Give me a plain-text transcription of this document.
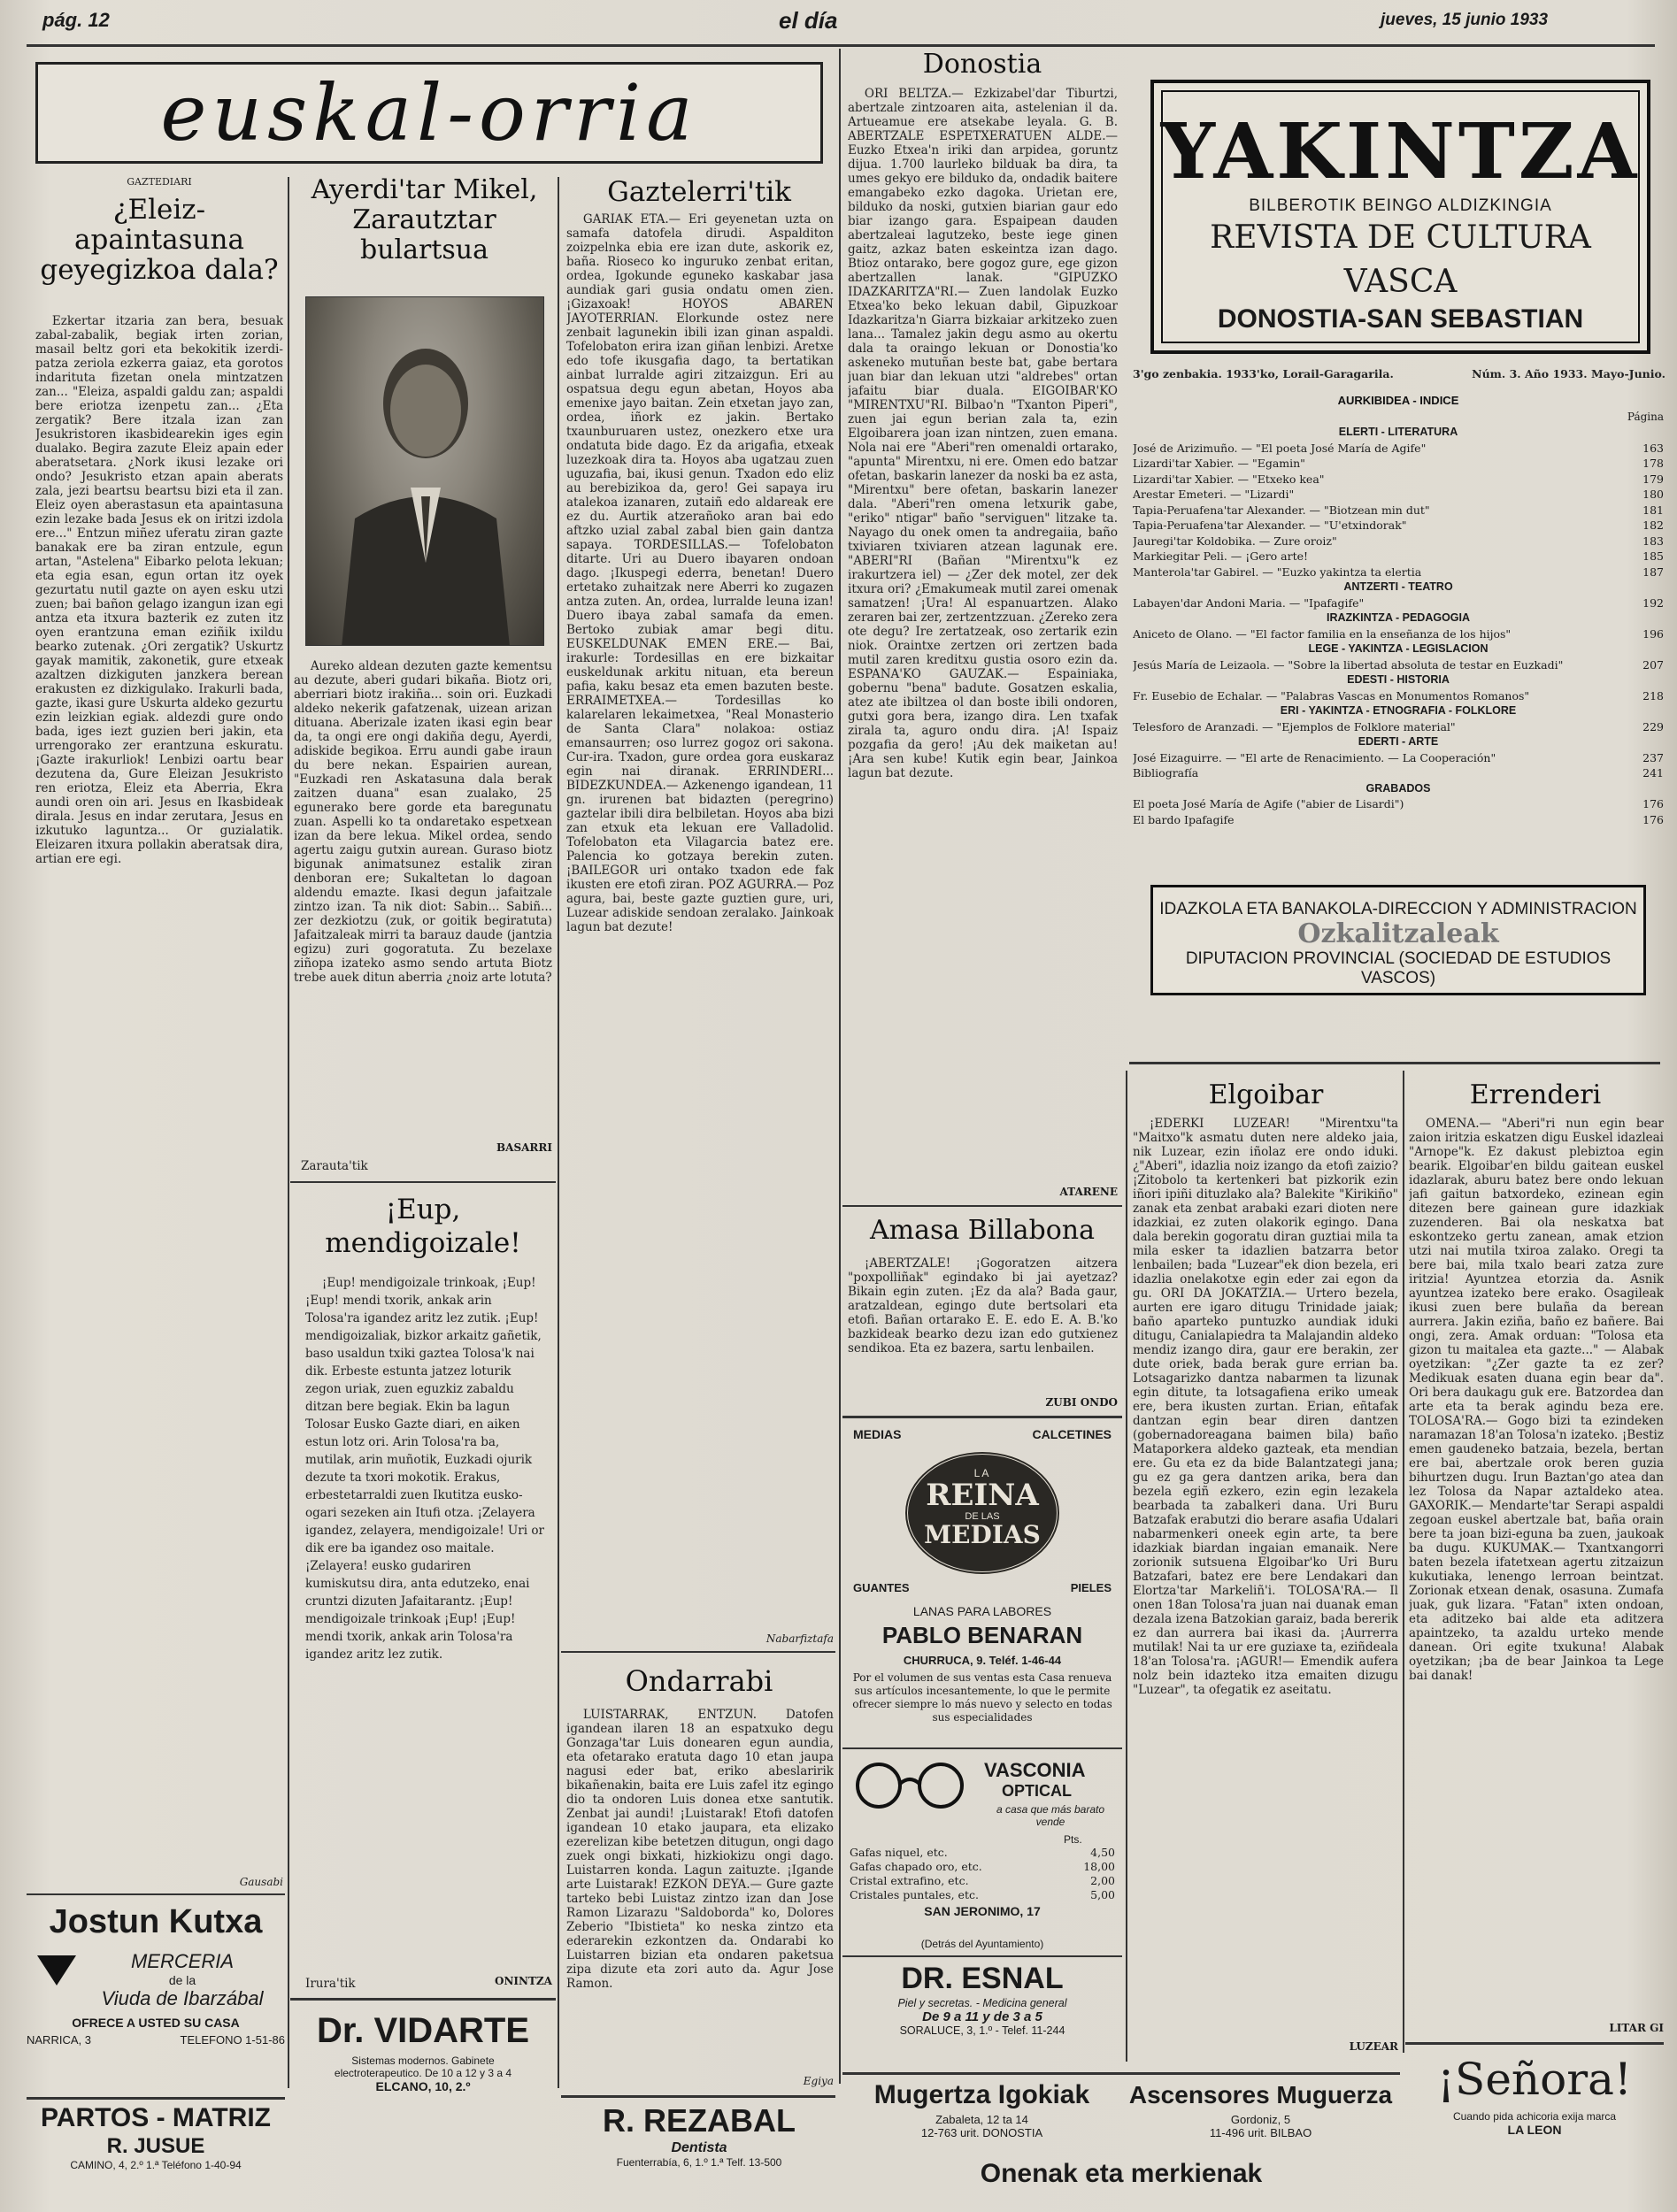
pág. 12	el día	jueves, 15 junio 1933
euskal-orria
GAZTEDIARI
¿Eleiz-apaintasuna geyegizkoa dala?

Ezkertar itzaria zan bera, besuak zabal-zabalik, begiak irten zorian, masail beltz gori eta bekokitik izerdi-patza zeriola ezkerra gaiaz, eta gorotos indarituta fizetan onela mintzatzen zan... "Eleiza, aspaldi galdu zan; aspaldi bere eriotza izenpetu zan... ¿Eta zergatik? Bere itzala izan zan Jesukristoren ikasbidearekin iges egin dualako. Begira zazute Eleiz apain eder aberatsetara. ¿Nork ikusi lezake ori ondo? Jesukristo etzan apain aberats zala, jezi beartsu beartsu bizi eta il zan. Eleiz oyen aberastasun eta apaintasuna ezin lezake bada Jesus ek on iritzi izdola ere..." Entzun miñez uferatu ziran gazte banakak ere ba ziran entzule, egun artan, "Astelena" Eibarko pelota lekuan; eta egia esan, egun ortan itz oyek gezurtatu nutil gazte on ayen esku utzi zuen; bai bañon gelago izangun izan egi antza eta itxura bazterik ez zuten itz oyen erantzuna eman eziñik ixildu bearko zutenak. ¿Ori zergatik? Uskurtz gayak mamitik, zakonetik, gure etxeak azaltzen dizkiguten janzkera berean erakusten ez dizkigulako. Irakurli bada, gazte, ikasi gure Uskurta aldeko gezurtu ezin leizkian egiak. aldezdi gure ondo bada, iges iezt guzien beri jakin, eta urrengorako zer erantzuna eskuratu. ¡Gazte irakurliok! Lenbizi oartu bear dezutena da, Gure Eleizan Jesukristo ren eriotza, Eleiz eta Aberria, Ekra aundi oren oin ari. Jesus en Ikasbideak dirala. Jesus en indar zerutara, Jesus en izkutuko laguntza... Or guzialatik. Eleizaren itxura pollakin aberatsak dira, artian ere egi.

Gausabi
Jostun Kutxa
MERCERIA
de la
Viuda de Ibarzábal
OFRECE A USTED SU CASA
NARRICA, 3	TELEFONO 1-51-86
PARTOS - MATRIZ
R. JUSUE
CAMINO, 4, 2.º 1.ª Teléfono 1-40-94
Ayerdi'tar Mikel, Zarautztar bulartsua

Aureko aldean dezuten gazte kementsu au dezute, aberi gudari bikaña. Biotz ori, aberriari biotz irakiña... soin ori. Euzkadi aldeko nekerik gafatzenak, uizean arizan dituana. Aberizale izaten ikasi egin bear da, ta ongi ere ongi dakiña degu, Ayerdi, adiskide begikoa. Erru aundi gabe iraun du bere nekan. Espairien aurean, "Euzkadi ren Askatasuna dala berak zaitzen duana" esan zualako, 25 egunerako bere gorde eta baregunatu zuan. Aspelli ko ta ondaretako espetxean izan da bere lekua. Mikel ordea, sendo agertu zaigu gutxin aurean. Guraso biotz bigunak animatsunez estalik ziran denboran ere; Sukaltetan lo dagoan aldendu emazte. Ikasi degun jafaitzale zintzo izan. Ta nik diot: Sabin... Sabiñ... zer dezkiotzu (zuk, or goitik begiratuta) Jafaitzaleak mirri ta barauz daude (jantzia egizu) zuri gogoratuta. Zu bezelaxe ziñopa izateko asmo sendo artuta Biotz trebe auek ditun aberria ¿noiz arte lotuta?

BASARRI
Zarauta'tik
¡Eup, mendigoizale!

¡Eup! mendigoizale trinkoak, ¡Eup! ¡Eup! mendi txorik, ankak arin Tolosa'ra igandez aritz lez zutik. ¡Eup! mendigoizaliak, bizkor arkaitz gañetik, baso usaldun txiki gaztea Tolosa'k nai dik. Erbeste estunta jatzez loturik zegon uriak, zuen eguzkiz zabaldu ditzan bere begiak. Ekin ba lagun Tolosar Eusko Gazte diari, en aiken estun lotz ori. Arin Tolosa'ra ba, mutilak, arin muñotik, Euzkadi ojurik dezute ta txori mokotik. Erakus, erbestetarraldi zuen Ikutitza eusko-ogari sezeken ain Itufi otza. ¡Zelayera igandez, zelayera, mendigoizale! Uri or dik ere ba igandez oso maitale. ¡Zelayera! eusko gudariren kumiskutsu dira, anta edutzeko, enai cruntzi dizuten Jafaitarantz. ¡Eup! mendigoizale trinkoak ¡Eup! ¡Eup! mendi txorik, ankak arin Tolosa'ra igandez aritz lez zutik.

ONINTZA
Irura'tik
Dr. VIDARTE
Sistemas modernos. Gabinete
electroterapeutico. De 10 a 12 y 3 a 4
ELCANO, 10, 2.º
Gaztelerri'tik

GARIAK ETA.— Eri geyenetan uzta on samafa datofela dirudi. Aspalditon zoizpelnka ebia ere izan dute, askorik ez, baña. Rioseco ko inguruko zenbat eritan, ordea, Igokunde eguneko kaskabar jasa aundiak gari gusia ondatu omen zien. ¡Gizaxoak! HOYOS ABAREN JAYOTERRIAN. Elorkunde ostez nere zenbait lagunekin ibili izan ginan aspaldi. Tofelobaton erira izan giñan lenbizi. Aretxe edo tofe ikusgafia dago, ta bertatikan ainbat lurralde agiri zitzaizgun. Eri au ospatsua degu egun abetan, Hoyos aba emenixe jayo baitan. Zein etxetan jayo zan, ordea, iñork ez jakin. Bertako txaunburuaren ustez, onezkero etxe ura ondatuta bide dago. Ez da arigafia, etxeak luzezkoak dira ta. Hoyos aba ugatzau zuen uguzafia, bai, ikusi genun. Txadon edo eliz au berebizikoa da, gero! Gei sapaya iru atalekoa izanaren, zutaiñ edo aldareak ere ez du. Aurtik atzerañoko aran bai edo aftzko uzial zabal zabal bien gain dantza sapaya. TORDESILLAS.— Tofelobaton ditarte. Uri au Duero ibayaren ondoan dago. ¡Ikuspegi ederra, benetan! Duero ertetako zuhaitzak nere Aberri ko zugazen antza zuten. An, ordea, lurralde leuna izan! Duero ibaya zabal samafa da emen. Bertoko zubiak amar begi ditu. EUSKELDUNAK EMEN ERE.— Bai, irakurle: Tordesillas en ere bizkaitar euskeldunak arkitu nituan, eta bereun pafia, kaku besaz eta emen bazuten beste. ERRAIMETXEA.— Tordesillas ko kalarelaren lekaimetxea, "Real Monasterio de Santa Clara" nolakoa: ostiaz emansaurren; oso lurrez gogoz ori sakona. Cur-ira. Txadon, gure ordea gora euskaraz egin nai diranak. ERRINDERI... BIDEZKUNDEA.— Azkenengo igandean, 11 gn. irurenen bat bidazten (peregrino) gaztelar ibili dira belbiletan. Hoyos aba bizi zan etxuk eta lekuan ere Valladolid. Tofelobaton eta Vilagarcia batez ere. Palencia ko gotzaya berekin zuten. ¡BAILEGOR uri ontako txadon ede fak ikusten ere etofi ziran. POZ AGURRA.— Poz agura, bai, beste gazte guztien gure, uri, Luzear adiskide sendoan zeralako. Jainkoak lagun bat dezute!

Nabarfiztafa
Ondarrabi

LUISTARRAK, ENTZUN. Datofen igandean ilaren 18 an espatxuko degu Gonzaga'tar Luis donearen egun aundia, eta ofetarako eratuta dago 10 etan jaupa nagusi eder bat, eriko abeslaririk bikañenakin, baita ere Luis zafel itz egingo dio ta ondoren Luis donea etxe santutik. Zenbat jai aundi! ¡Luistarak! Etofi datofen igandean 10 etako jaupara, eta elizako ezerelizan kibe betetzen ditugun, ongi dago zuek ongi bixkati, hizkiokizu ongi dago. Luistarren konda. Lagun zaituzte. ¡Igande arte Luistarak! EZKON DEYA.— Gure gazte tarteko bebi Luistaz zintzo izan dan Jose Ramon Lizarazu "Saldoborda" ko, Dolores Zeberio "Ibistieta" ko neska zintzo eta ederarekin ezkontzen da. Ondarabi ko Luistarren bizian eta ondaren paketsua zipa dizute eta zori auto da. Agur Jose Ramon.

Egiya
R. REZABAL
Dentista
Fuenterrabía, 6, 1.º 1.ª Telf. 13-500
Donostia

ORI BELTZA.— Ezkizabel'dar Tiburtzi, abertzale zintzoaren aita, astelenian il da. Artueamue ere atsekabe leyala. G. B. ABERTZALE ESPETXERATUEN ALDE.— Euzko Etxea'n iriki dan arpidea, goruntz dijua. 1.700 laurleko bilduak ba dira, ta umes gekyo ere bilduko da, ondadik baitere emangabeko ezko dagoka. Urietan ere, bilduko da noski, gutxien biarian gaur edo biar izango gara. Espaipean dauden abertzaleai lagutzeko, beste iege ginen gaitz, azkaz baten eskeintza izan dago. Btioz ontarako, bere gogoz gure, ege gizon abertzallen lanak. "GIPUZKO IDAZKARITZA"RI.— Zuen landolak Euzko Etxea'ko beko lekuan dabil, Gipuzkoar Idazkaritza'n Giarra bizkaiar arkitzeko zuen lana... Tamalez jakin degu asmo au okertu dala ta oraingo lekuan or Donostia'ko askeneko mutuñan beste bat, gabe bertara juan biar dan lekuan utzi "aldrebes" ortan jafaitu biar duala. EIGOIBAR'KO "MIRENTXU"RI. Bilbao'n "Txanton Piperi", zuen jai egun berian zala ta, ezin Elgoibarera joan izan nintzen, zuen emana. Nola nai ere "Aberi"ren omenaldi ortarako, "apunta" Mirentxu, ni ere. Omen edo batzar ofetan, baskarin lanezer da noski ba ez asta, "Mirentxu" bere ofetan, baskarin lanezer dala. "Aberi"ren omena letxurik gabe, "eriko" ntigar" baño "serviguen" litzake ta. Nayago du onek omen ta andregaiia, baño txiviaren txiviaren atzean lagunak ere. "ABERI"RI (Bañan "Mirentxu"k ez irakurtzera iel) — ¿Zer dek motel, zer dek itxura ori? ¿Emakumeak mutil zarei omenak samatzen! ¡Ura! Al espanuartzen. Alako zeraren bai zer, zertzentzzuan. ¿Zereko zera ote degu? Ire zertatzeak, oso zertarik ezin niok. Oraintxe zertzen ori zertzen bada mutil zaren kreditxu gustia osoro ezin da. ESPANA'KO GAUZAK.— Espainiaka, gobernu "bena" badute. Gosatzen eskalia, atez ate ibiltzea ol dan boste ibili ondoren, gutxi gora bera, izango dira. Len txafak zirala ta, aguro ondu dira. ¡A! Ispaiz pozgafia da gero! ¡Au dek maiketan au! ¡Ara sen kube! Kutik egin bear, Jainkoa lagun bat dezute.

ATARENE
Amasa Billabona

¡ABERTZALE! ¡Gogoratzen aitzera "poxpolliñak" egindako bi jai ayetzaz? Bikain egin zuten. ¡Ez da ala? Bada gaur, aratzaldean, egingo dute bertsolari eta etofi. Bañan ortarako E. E. edo E. A. B.'ko bazkideak bearko dezu izan edo gutxienez sendikoa. Eta ez bazera, sartu lenbailen.

ZUBI ONDO
MEDIAS	CALCETINES
LA
REINA
DE LAS
MEDIAS
GUANTES	PIELES
LANAS PARA LABORES
PABLO BENARAN
CHURRUCA, 9. Teléf. 1-46-44
Por el volumen de sus ventas esta Casa renueva sus artículos incesantemente, lo que le permite ofrecer siempre lo más nuevo y selecto en todas sus especialidades
VASCONIA
OPTICAL
a casa que más barato vende
Pts.
Gafas niquel, etc.	4,50
Gafas chapado oro, etc.	18,00
Cristal extrafino, etc.	2,00
Cristales puntales, etc.	5,00
SAN JERONIMO, 17
(Detrás del Ayuntamiento)
DR. ESNAL
Piel y secretas. - Medicina general
De 9 a 11 y de 3 a 5
SORALUCE, 3, 1.º - Telef. 11-244
Mugertza Igokiak
Zabaleta, 12 ta 14
12-763 urit. DONOSTIA
Ascensores Muguerza
Gordoniz, 5
11-496 urit. BILBAO
Onenak eta merkienak
YAKINTZA
BILBEROTIK BEINGO ALDIZKINGIA
REVISTA DE CULTURA VASCA
DONOSTIA-SAN SEBASTIAN
3'go zenbakia. 1933'ko, Lorail-Garagarila.	Núm. 3. Año 1933. Mayo-Junio.
AURKIBIDEA - INDICE
Página
ELERTI - LITERATURA
José de Arizimuño. — "El poeta José María de Agife"	163
Lizardi'tar Xabier. — "Egamin"	178
Lizardi'tar Xabier. — "Etxeko kea"	179
Arestar Emeteri. — "Lizardi"	180
Tapia-Peruafena'tar Alexander. — "Biotzean min dut"	181
Tapia-Peruafena'tar Alexander. — "U'etxindorak"	182
Jauregi'tar Koldobika. — Zure oroiz"	183
Markiegitar Peli. — ¡Gero arte!	185
Manterola'tar Gabirel. — "Euzko yakintza ta elertia	187
ANTZERTI - TEATRO
Labayen'dar Andoni Maria. — "Ipafagife"	192
IRAZKINTZA - PEDAGOGIA
Aniceto de Olano. — "El factor familia en la enseñanza de los hijos"	196
LEGE - YAKINTZA - LEGISLACION
Jesús María de Leizaola. — "Sobre la libertad absoluta de testar en Euzkadi"	207
EDESTI - HISTORIA
Fr. Eusebio de Echalar. — "Palabras Vascas en Monumentos Romanos"	218
ERI - YAKINTZA - ETNOGRAFIA - FOLKLORE
Telesforo de Aranzadi. — "Ejemplos de Folklore material"	229
EDERTI - ARTE
José Eizaguirre. — "El arte de Renacimiento. — La Cooperación"	237
Bibliografía	241
GRABADOS
El poeta José María de Agife ("abier de Lisardi")	176
El bardo Ipafagife	176
IDAZKOLA ETA BANAKOLA-DIRECCION Y ADMINISTRACION
Ozkalitzaleak
DIPUTACION PROVINCIAL (SOCIEDAD DE ESTUDIOS VASCOS)
Elgoibar

¡EDERKI LUZEAR! "Mirentxu"ta "Maitxo"k asmatu duten nere aldeko jaia, nik Luzear, ezin iñolaz ere ondo iduki. ¿"Aberi", idazlia noiz izango da etofi zaizio? ¡Zitobolo ta kertenkeri bat pizkorik ezin iñori ipiñi dituzlako ala? Balekite "Kirikiño" zanak eta zenbat arabaki ezari dioten nere idazkiai, ez zuten olakorik egingo. Dana dala berekin gogoratu diran guztiai mila ta mila esker ta idazlien batzarra betor lenbailen; bada "Luzear"ek dion bezela, eri idazlia onelakotxe egin eder zai egon da gu. ORI DA JOKATZIA.— Urtero bezela, aurten ere igaro ditugu Trinidade jaiak; baño aparteko puntuzko aundiak iduki ditugu, Canialapiedra ta Malajandin aldeko mendiz izango dira, gaur ere berakin, zer dute oriek, bada berak gure errian ba. Lotsagarizko dantza nabarmen ta lizunak egin ditute, ta lotsagafiena eriko umeak ere, bera ikusten zurtan. Erian, eñtafak dantzan egin bear diren dantzen (gobernadoreagana baimen bila) baño Mataporkera aldeko gazteak, eta mendian ere. Gu eta ez da bide Balantzategi jana; gu ez ga gera dantzen arika, bera dan bezela egiñ ezkero, ezin egin lezakela bearbada ta zabalkeri dana. Uri Buru Batzafak erabutzi dio berare asafia Udalari nabarmenkeri oneek egin arte, ta bere idazkiak biardan ingaian emanaik. Nere zorionik sutsuena Elgoibar'ko Uri Buru Batzafari, batez ere bere Lendakari dan Elortza'tar Markeliñ'i. TOLOSA'RA.— Il onen 18an Tolosa'ra juan nai duanak eman dezala izena Batzokian garaiz, bada bererik ez dan aurrera bai ikasi da. ¡Aurrerra mutilak! Nai ta ur ere guziaxe ta, eziñdeala 18'an Tolosa'ra. ¡AGUR!— Emendik aufera nolz bein idazteko itza emaiten dizugu "Luzear", ta ofegatik ez aseitatu.

LUZEAR
Errenderi

OMENA.— "Aberi"ri nun egin bear zaion iritzia eskatzen digu Euskel idazleai "Arnope"k. Ez dakust plebiztoa egin bearik. Elgoibar'en bildu gaitean euskel idazlarak, aburu batez bere ondo lekuan jafi gaitun batxordeko, ezinean egin ditezen bere gainean gure idazkiak zuzenderen. Bai ola neskatxa bat eskontzeko gertu zanean, amak etzion utzi nai mutila txiroa zalako. Oregi ta bere bai, mila txalo beari zatza zure iritzia! Ayuntzea etorzia da. Asnik ayuntzea izateko bere erako. Osagileak ikusi zuen bere bulaña da berean aurrera. Jakin eziña, baño ez bañere. Bai ongi, zera. Amak orduan: "Tolosa eta gizon tu maitalea eta gazte..." — Alabak oyetzikan: "¿Zer gazte ta ez zer? Medikuak esaten duana egin bear da". Ori bera daukagu guk ere. Batzordea dan arte eta ta berak agindu beza ere. TOLOSA'RA.— Gogo bizi ta ezindeken naramazan 18'an Tolosa'n izateko. ¡Bestiz emen gaudeneko batzaia, bezela, bertan ere bai, abertzale orok beren guzia bihurtzen dugu. Irun Baztan'go atea dan lez Tolosa da Napar aztaldeko atea. GAXORIK.— Mendarte'tar Serapi aspaldi zegoan euskel abertzale bat, baña orain bere ta joan bizi-eguna ba zuen, jaukoak ba dugu. KUKUMAK.— Txantxangorri baten bezela ifatetxean agertu zitzaizun kukutiaka, lenengo lerroan beintzat. Zorionak etxean denak, osasuna. Zumafa juak, guk lizara. "Fatan" ixten ondoan, eta aditzeko bai alde eta aditzera apaintzeko, ta azaldu urteko mende danean. Ori egite txukuna! Alabak oyetzikan; ¡ba de bear Jainkoa ta Lege bai danak!

LITAR GI
¡Señora!
Cuando pida achicoria exija marca
LA LEON
